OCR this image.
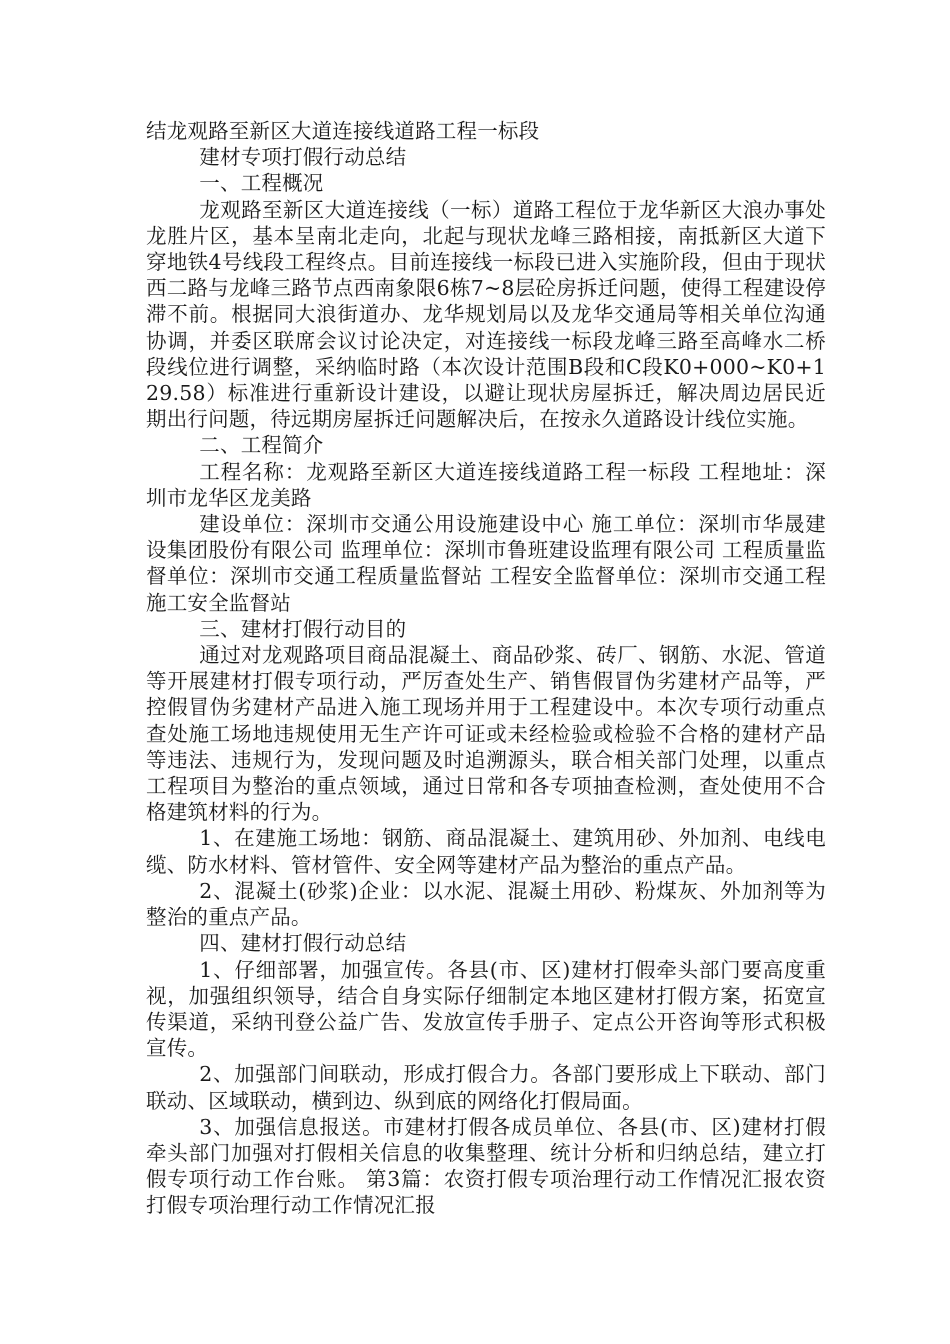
结龙观路至新区大道连接线道路工程一标段

建材专项打假行动总结

一、工程概况

龙观路至新区大道连接线（一标）道路工程位于龙华新区大浪办事处龙胜片区，基本呈南北走向，北起与现状龙峰三路相接，南抵新区大道下穿地铁4号线段工程终点。目前连接线一标段已进入实施阶段，但由于现状西二路与龙峰三路节点西南象限6栋7~8层砼房拆迁问题，使得工程建设停滞不前。根据同大浪街道办、龙华规划局以及龙华交通局等相关单位沟通协调，并委区联席会议讨论决定，对连接线一标段龙峰三路至高峰水二桥段线位进行调整，采纳临时路（本次设计范围B段和C段K0+000~K0+129.58）标准进行重新设计建设，以避让现状房屋拆迁，解决周边居民近期出行问题，待远期房屋拆迁问题解决后，在按永久道路设计线位实施。

二、工程简介

工程名称：龙观路至新区大道连接线道路工程一标段 工程地址：深圳市龙华区龙美路

建设单位：深圳市交通公用设施建设中心 施工单位：深圳市华晟建设集团股份有限公司 监理单位：深圳市鲁班建设监理有限公司 工程质量监督单位：深圳市交通工程质量监督站 工程安全监督单位：深圳市交通工程施工安全监督站

三、建材打假行动目的

通过对龙观路项目商品混凝土、商品砂浆、砖厂、钢筋、水泥、管道等开展建材打假专项行动，严厉查处生产、销售假冒伪劣建材产品等，严控假冒伪劣建材产品进入施工现场并用于工程建设中。本次专项行动重点查处施工场地违规使用无生产许可证或未经检验或检验不合格的建材产品等违法、违规行为，发现问题及时追溯源头，联合相关部门处理，以重点工程项目为整治的重点领域，通过日常和各专项抽查检测，查处使用不合格建筑材料的行为。

1、在建施工场地：钢筋、商品混凝土、建筑用砂、外加剂、电线电缆、防水材料、管材管件、安全网等建材产品为整治的重点产品。

2、混凝土(砂浆)企业：以水泥、混凝土用砂、粉煤灰、外加剂等为整治的重点产品。

四、建材打假行动总结

1、仔细部署，加强宣传。各县(市、区)建材打假牵头部门要高度重视，加强组织领导，结合自身实际仔细制定本地区建材打假方案，拓宽宣传渠道，采纳刊登公益广告、发放宣传手册子、定点公开咨询等形式积极宣传。

2、加强部门间联动，形成打假合力。各部门要形成上下联动、部门联动、区域联动，横到边、纵到底的网络化打假局面。

3、加强信息报送。市建材打假各成员单位、各县(市、区)建材打假牵头部门加强对打假相关信息的收集整理、统计分析和归纳总结，建立打假专项行动工作台账。 第3篇：农资打假专项治理行动工作情况汇报农资打假专项治理行动工作情况汇报
